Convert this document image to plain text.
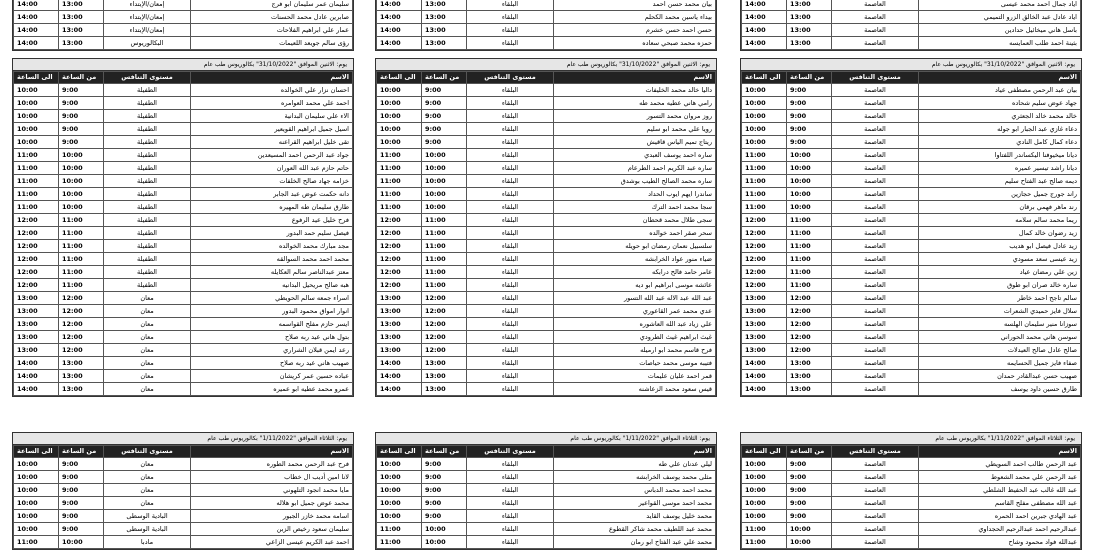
14:00	13:00	إمعان/الإبتداء	سليمان عمر سليمان ابو فرج
14:00	13:00	إمعان/الإبتداء	صابرين عادل محمد الحسنات
14:00	13:00	إمعان/الإبتداء	عمار علي ابراهيم الفلاحات
14:00	13:00	البكالوريوس	رؤى سالم جويعد اللعيمات
14:00	13:00	البلقاء	بيان محمد حسن احمد
14:00	13:00	البلقاء	بيداء ياسين محمد الكحلم
14:00	13:00	البلقاء	حسن احمد حسن خشرم
14:00	13:00	البلقاء	حمزه محمد صبحي سعاده
14:00	13:00	العاصمة	اياد جمال احمد محمد عيسى
14:00	13:00	العاصمة	اياد عادل عبد الخالق الزرو التميمي
14:00	13:00	العاصمة	باسل هاني ميخائيل حدادين
14:00	13:00	العاصمة	بثينة احمد طلب العمايسه
يوم: الاثنين الموافق "31/10/2022" بكالوريوس طب عام
الى الساعة	من الساعة	مستوى التنافس	الاسم
10:00	9:00	الطفيلة	احسان نزار علي الخوالده
10:00	9:00	الطفيلة	احمد علي محمد العوامره
10:00	9:00	الطفيلة	الاء علي سليمان البدانية
10:00	9:00	الطفيلة	اسيل جميل ابراهيم القويعير
10:00	9:00	الطفيلة	تقى خليل ابراهيم القراعنه
11:00	10:00	الطفيلة	جواد عبد الرحمن احمد المسيعدين
11:00	10:00	الطفيلة	حاتم حازم عبد الله العوران
11:00	10:00	الطفيلة	خزامه جهاد صالح الخلفات
11:00	10:00	الطفيلة	دانه حكمت عوض عبد الجابر
11:00	10:00	الطفيلة	طارق سليمان طه المهيره
12:00	11:00	الطفيلة	فرح خليل عيد الرفوع
12:00	11:00	الطفيلة	فيصل سليم حمد البدور
12:00	11:00	الطفيلة	مجد مبارك محمد الخوالده
12:00	11:00	الطفيلة	محمد احمد محمد السوالقه
12:00	11:00	الطفيلة	معتز عبدالناصر سالم العكايله
12:00	11:00	الطفيلة	هبه صالح مريحيل البدانيه
13:00	12:00	معان	اسراء جمعه سالم الحويطي
13:00	12:00	معان	انوار امواق محمود البدور
13:00	12:00	معان	ايسر حازم مفلح القواسمه
13:00	12:00	معان	بتول هاني عيد ربه صلاح
13:00	12:00	معان	رعد ايمن قبلان الشراري
14:00	13:00	معان	صهيب هاني عيد ربه صلاح
14:00	13:00	معان	عباده حسين عمر كريشان
14:00	13:00	معان	عمرو محمد عطيه ابو عميره
يوم: الاثنين الموافق "31/10/2022" بكالوريوس طب عام
الى الساعة	من الساعة	مستوى التنافس	الاسم
10:00	9:00	البلقاء	داليا خالد محمد الخليفات
10:00	9:00	البلقاء	رامي هاني عطيه محمد طه
10:00	9:00	البلقاء	روز مروان محمد التسور
10:00	9:00	البلقاء	رويا علي محمد ابو سليم
10:00	9:00	البلقاء	ريتاج تميم الياس قاقيش
11:00	10:00	البلقاء	ساره احمد يوسف العبدي
11:00	10:00	البلقاء	ساره عبد الكريم احمد الطرعام
11:00	10:00	البلقاء	ساره محمد الصالح الطيب بوشدق
11:00	10:00	البلقاء	ساندرا ايهم ايوب الحداد
11:00	10:00	البلقاء	سجا محمد احمد الترك
12:00	11:00	البلقاء	سجى طلال محمد قحطان
12:00	11:00	البلقاء	سحر صقر احمد خوالده
12:00	11:00	البلقاء	سلسبيل نعمان رمضان ابو حويله
12:00	11:00	البلقاء	ضياء منور عواد الخرابشه
12:00	11:00	البلقاء	عامر حامد فالح درابكه
12:00	11:00	البلقاء	عائشه موسى ابراهيم ابو ديه
13:00	12:00	البلقاء	عبد الله عبد الاله عبد الله التسور
13:00	12:00	البلقاء	عدي محمد عمر القاعوري
13:00	12:00	البلقاء	علي زياد عبد الله العاشوره
13:00	12:00	البلقاء	غيث ابراهيم غيث الطرودي
13:00	12:00	البلقاء	فرح قاسم محمد ابو ارميله
14:00	13:00	البلقاء	فتيبه موسى محمد حياصات
14:00	13:00	البلقاء	قمر احمد عليان عليمات
14:00	13:00	البلقاء	قيس سعود محمد الزعاشنه
يوم: الاثنين الموافق "31/10/2022" بكالوريوس طب عام
الى الساعة	من الساعة	مستوى التنافس	الاسم
10:00	9:00	العاصمة	بيان عبد الرحمن مصطفى عياد
10:00	9:00	العاصمة	جهاد عوض سليم شحاده
10:00	9:00	العاصمة	خالد محمد خالد الجعثري
10:00	9:00	العاصمة	دعاء غازي عبد الجبار ابو جوله
10:00	9:00	العاصمة	دعاء كمال كامل النادي
11:00	10:00	العاصمة	ديانا ميخيوفنا اليكساندر اللفتاوا
11:00	10:00	العاصمة	ديانا راشد تيسير عميره
11:00	10:00	العاصمة	ديمه صالح عبد الفتاح سليم
11:00	10:00	العاصمة	راند جورج جميل حجازين
11:00	10:00	العاصمة	رند ماهر فهمي برقان
12:00	11:00	العاصمة	ريما محمد سالم سلامه
12:00	11:00	العاصمة	زيد رضوان خالد كمال
12:00	11:00	العاصمة	زيد عادل فيصل ابو هديب
12:00	11:00	العاصمة	زيد عيسى سعد مسودي
12:00	11:00	العاصمة	زين علي رمضان عياد
12:00	11:00	العاصمة	ساره خالد صران ابو طوق
13:00	12:00	العاصمة	سالم تاجح احمد خاطر
13:00	12:00	العاصمة	سلال فايز حميدي الشعرات
13:00	12:00	العاصمة	سوزانا منير سليمان الهلسه
13:00	12:00	العاصمة	سوسن هاني محمد الحوراني
13:00	12:00	العاصمة	صالح عادل صالح العيدلات
14:00	13:00	العاصمة	صفاء فايز جميل الحسايمه
14:00	13:00	العاصمة	صهيب حسن عبدالقادر حمدان
14:00	13:00	العاصمة	طارق حسين داود يوسف
يوم: الثلاثاء الموافق "1/11/2022" بكالوريوس طب عام
الى الساعة	من الساعة	مستوى التنافس	الاسم
10:00	9:00	معان	فرح عبد الرحمن محمد الطوره
10:00	9:00	معان	لانا امين أديب ال خطاب
10:00	9:00	معان	مايا محمد انجود التلهوني
10:00	9:00	معان	محمد عوض جميل ابو هلاله
10:00	9:00	البادية الوسطى	اسامه محمد خازر الجبور
10:00	9:00	البادية الوسطى	سليمان سعود رخيص الزبن
11:00	10:00	مادبا	احمد عبد الكريم عيسى الزاعي
يوم: الثلاثاء الموافق "1/11/2022" بكالوريوس طب عام
الى الساعة	من الساعة	مستوى التنافس	الاسم
10:00	9:00	البلقاء	ليلي عدنان علي طه
10:00	9:00	البلقاء	مثلى محمد يوسف الخرابشه
10:00	9:00	البلقاء	محمد احمد محمد الدباس
10:00	9:00	البلقاء	محمد احمد موسى القواعير
10:00	9:00	البلقاء	محمد خليل يوسف القايد
11:00	10:00	البلقاء	محمد عبد اللطيف محمد شاكر القطوع
11:00	10:00	البلقاء	محمد علي عبد الفتاح ابو رمان
يوم: الثلاثاء الموافق "1/11/2022" بكالوريوس طب عام
الى الساعة	من الساعة	مستوى التنافس	الاسم
10:00	9:00	العاصمة	عبد الرحمن طالب احمد السويطي
10:00	9:00	العاصمة	عبد الرحمن علي محمد الشعوط
10:00	9:00	العاصمة	عبد الله غالب عبد الحفيظ الشلطي
10:00	9:00	العاصمة	عبد الله مصطفى مفلح القاسم
10:00	9:00	العاصمة	عبد الهادي جبرين احمد الحمره
11:00	10:00	العاصمة	عبدالرحيم احمد عبدالرحيم الحجداوي
11:00	10:00	العاصمة	عبدالله فواد محمود وشاح
